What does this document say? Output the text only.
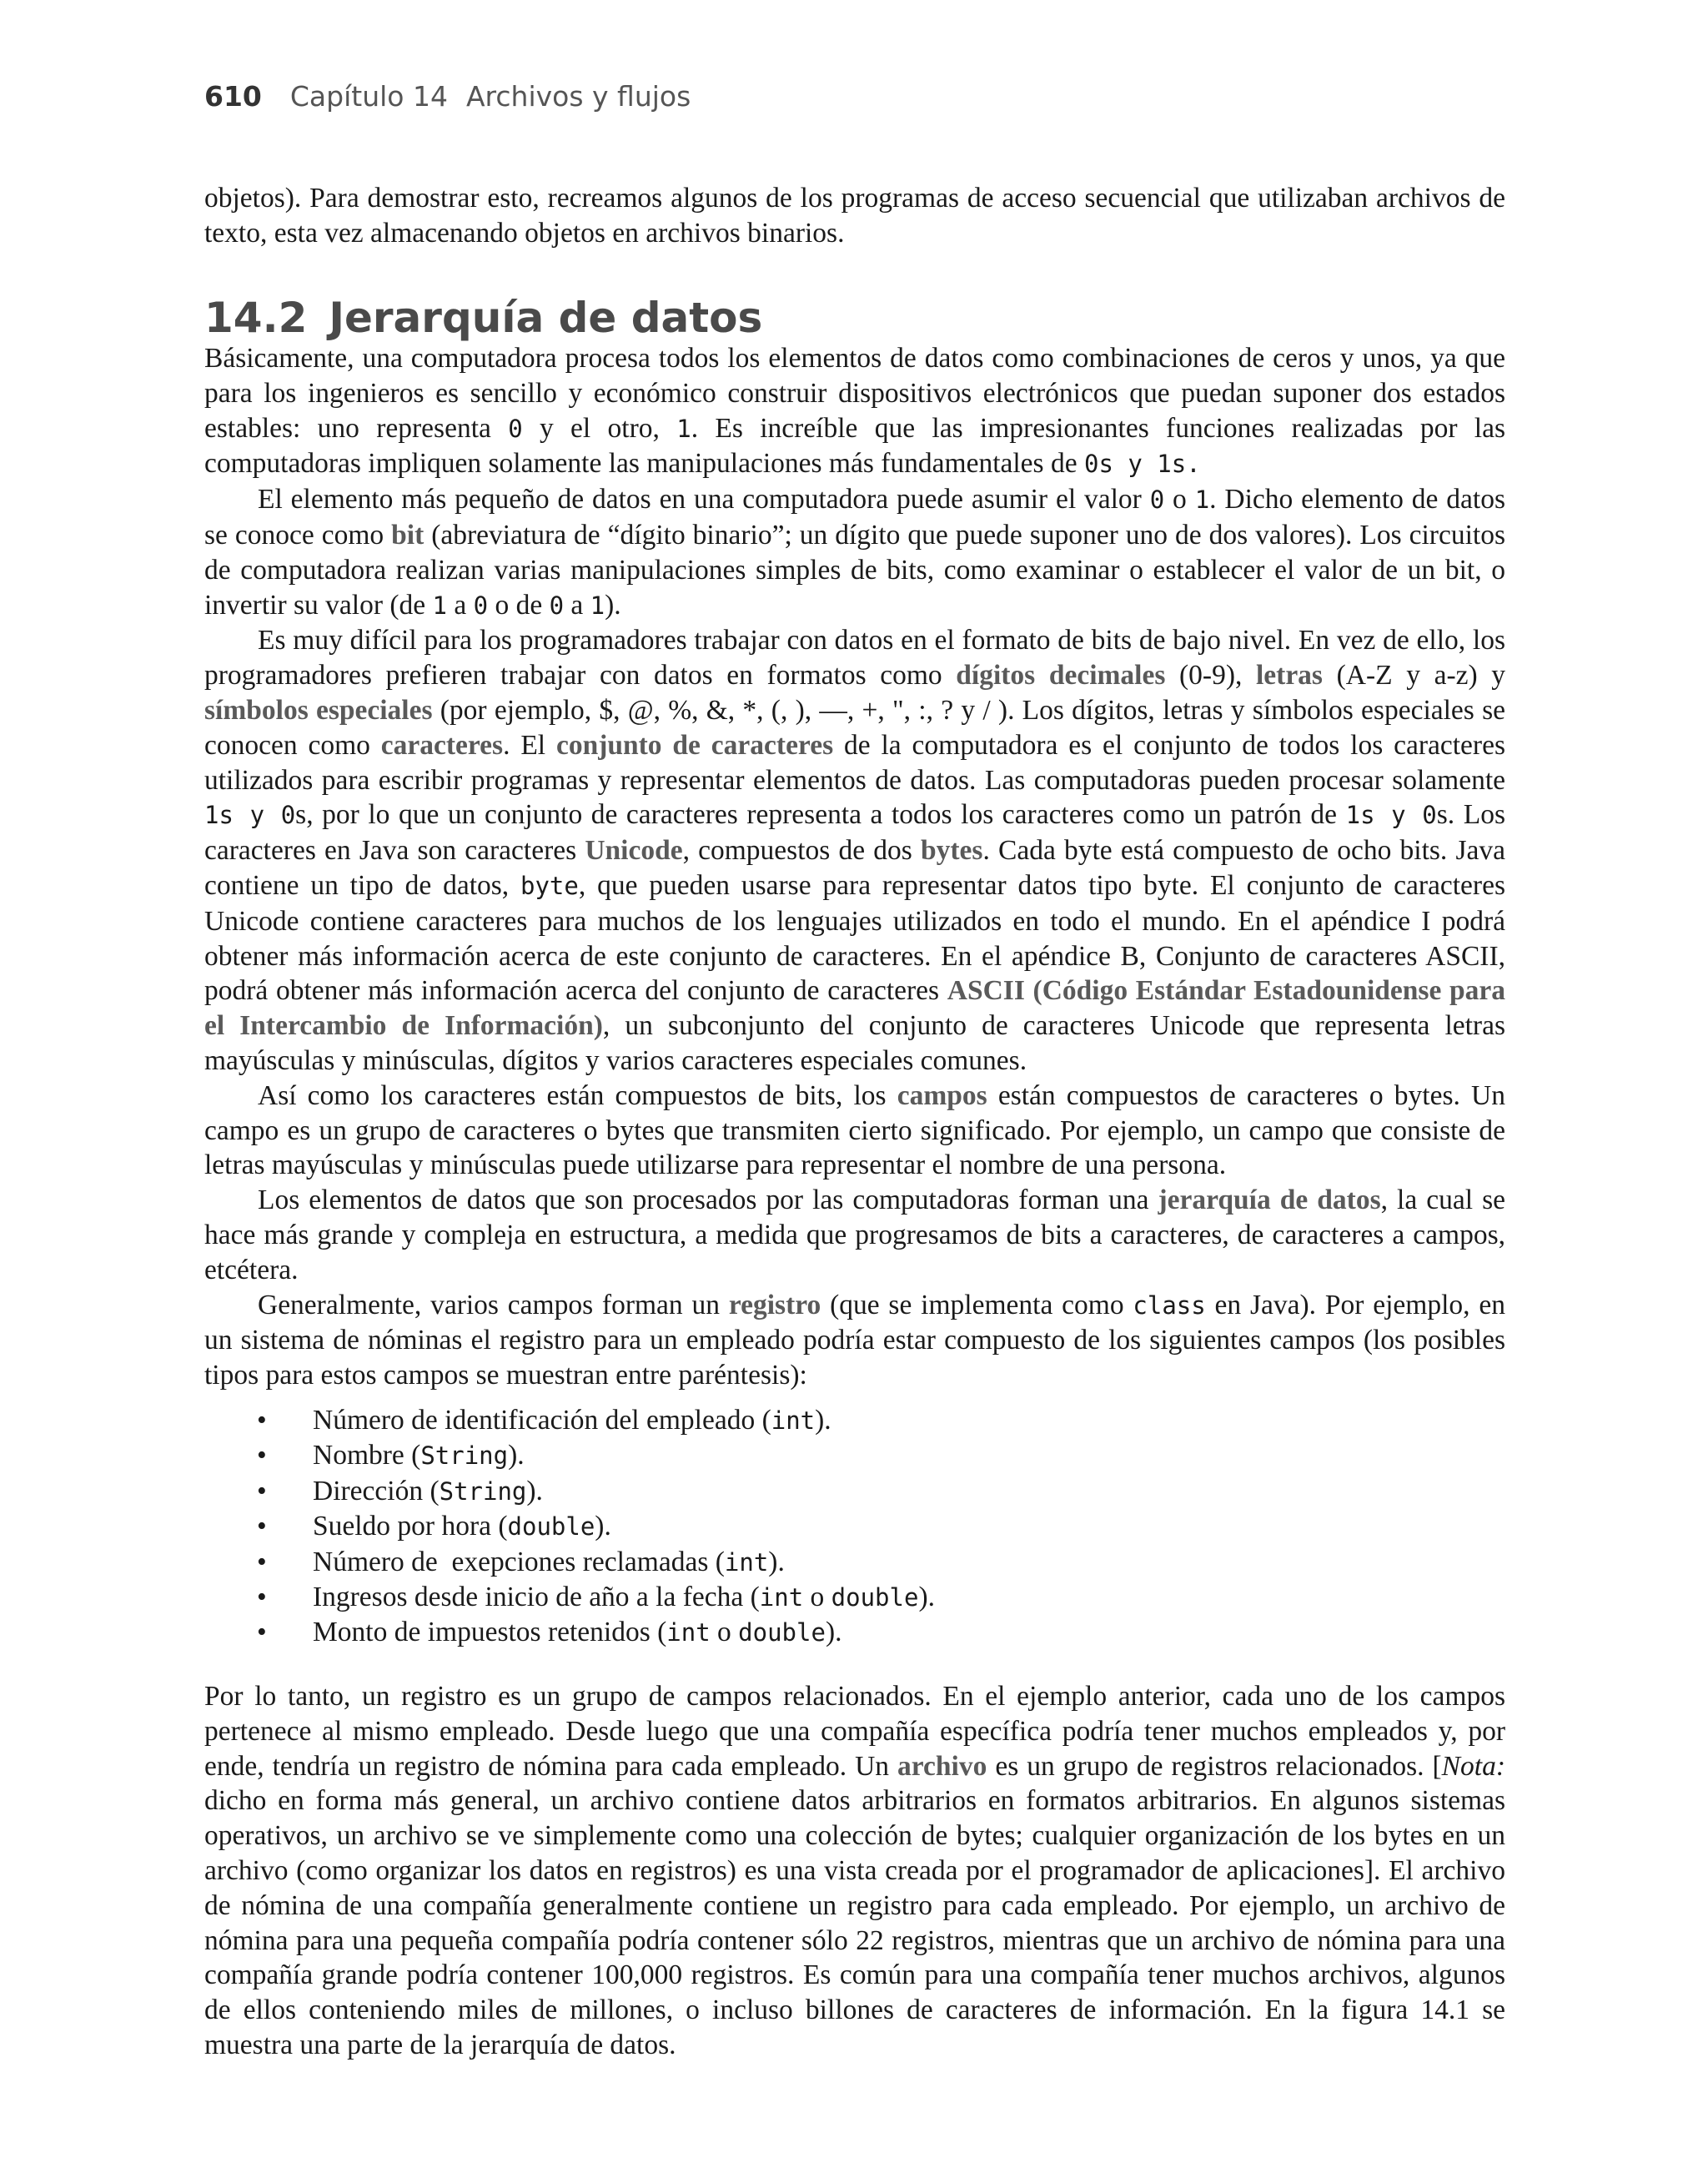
610 Capítulo 14 Archivos y flujos

objetos). Para demostrar esto, recreamos algunos de los programas de acceso secuencial que utilizaban archivos de texto, esta vez almacenando objetos en archivos binarios.

14.2 Jerarquía de datos

Básicamente, una computadora procesa todos los elementos de datos como combinaciones de ceros y unos, ya que para los ingenieros es sencillo y económico construir dispositivos electrónicos que puedan suponer dos estados estables: uno representa 0 y el otro, 1. Es increíble que las impresionantes funciones realizadas por las computadoras impliquen solamente las manipulaciones más fundamentales de 0s y 1s.

El elemento más pequeño de datos en una computadora puede asumir el valor 0 o 1. Dicho elemento de datos se conoce como bit (abreviatura de “dígito binario”; un dígito que puede suponer uno de dos valores). Los circuitos de computadora realizan varias manipulaciones simples de bits, como examinar o establecer el valor de un bit, o invertir su valor (de 1 a 0 o de 0 a 1).

Es muy difícil para los programadores trabajar con datos en el formato de bits de bajo nivel. En vez de ello, los programadores prefieren trabajar con datos en formatos como dígitos decimales (0-9), letras (A-Z y a-z) y símbolos especiales (por ejemplo, $, @, %, &, *, (, ), —, +, ", :, ? y / ). Los dígitos, letras y símbolos especiales se conocen como caracteres. El conjunto de caracteres de la computadora es el conjunto de todos los caracteres utilizados para escribir programas y representar elementos de datos. Las computadoras pueden procesar solamente 1s y 0s, por lo que un conjunto de caracteres representa a todos los caracteres como un patrón de 1s y 0s. Los caracteres en Java son caracteres Unicode, compuestos de dos bytes. Cada byte está compuesto de ocho bits. Java contiene un tipo de datos, byte, que pueden usarse para representar datos tipo byte. El conjunto de caracteres Unicode contiene caracteres para muchos de los lenguajes utilizados en todo el mundo. En el apéndice I podrá obtener más información acerca de este conjunto de caracteres. En el apéndice B, Conjunto de caracteres ASCII, podrá obtener más información acerca del conjunto de caracteres ASCII (Código Estándar Estadounidense para el Intercambio de Información), un subconjunto del conjunto de caracteres Unicode que representa letras mayúsculas y minúsculas, dígitos y varios caracteres especiales comunes.

Así como los caracteres están compuestos de bits, los campos están compuestos de caracteres o bytes. Un campo es un grupo de caracteres o bytes que transmiten cierto significado. Por ejemplo, un campo que consiste de letras mayúsculas y minúsculas puede utilizarse para representar el nombre de una persona.

Los elementos de datos que son procesados por las computadoras forman una jerarquía de datos, la cual se hace más grande y compleja en estructura, a medida que progresamos de bits a caracteres, de caracteres a campos, etcétera.

Generalmente, varios campos forman un registro (que se implementa como class en Java). Por ejemplo, en un sistema de nóminas el registro para un empleado podría estar compuesto de los siguientes campos (los posibles tipos para estos campos se muestran entre paréntesis):

• Número de identificación del empleado (int).
• Nombre (String).
• Dirección (String).
• Sueldo por hora (double).
• Número de  exepciones reclamadas (int).
• Ingresos desde inicio de año a la fecha (int o double).
• Monto de impuestos retenidos (int o double).

Por lo tanto, un registro es un grupo de campos relacionados. En el ejemplo anterior, cada uno de los campos pertenece al mismo empleado. Desde luego que una compañía específica podría tener muchos empleados y, por ende, tendría un registro de nómina para cada empleado. Un archivo es un grupo de registros relacionados. [Nota: dicho en forma más general, un archivo contiene datos arbitrarios en formatos arbitrarios. En algunos sistemas operativos, un archivo se ve simplemente como una colección de bytes; cualquier organización de los bytes en un archivo (como organizar los datos en registros) es una vista creada por el programador de aplicaciones]. El archivo de nómina de una compañía generalmente contiene un registro para cada empleado. Por ejemplo, un archivo de nómina para una pequeña compañía podría contener sólo 22 registros, mientras que un archivo de nómina para una compañía grande podría contener 100,000 registros. Es común para una compañía tener muchos archivos, algunos de ellos conteniendo miles de millones, o incluso billones de caracteres de información. En la figura 14.1 se muestra una parte de la jerarquía de datos.
